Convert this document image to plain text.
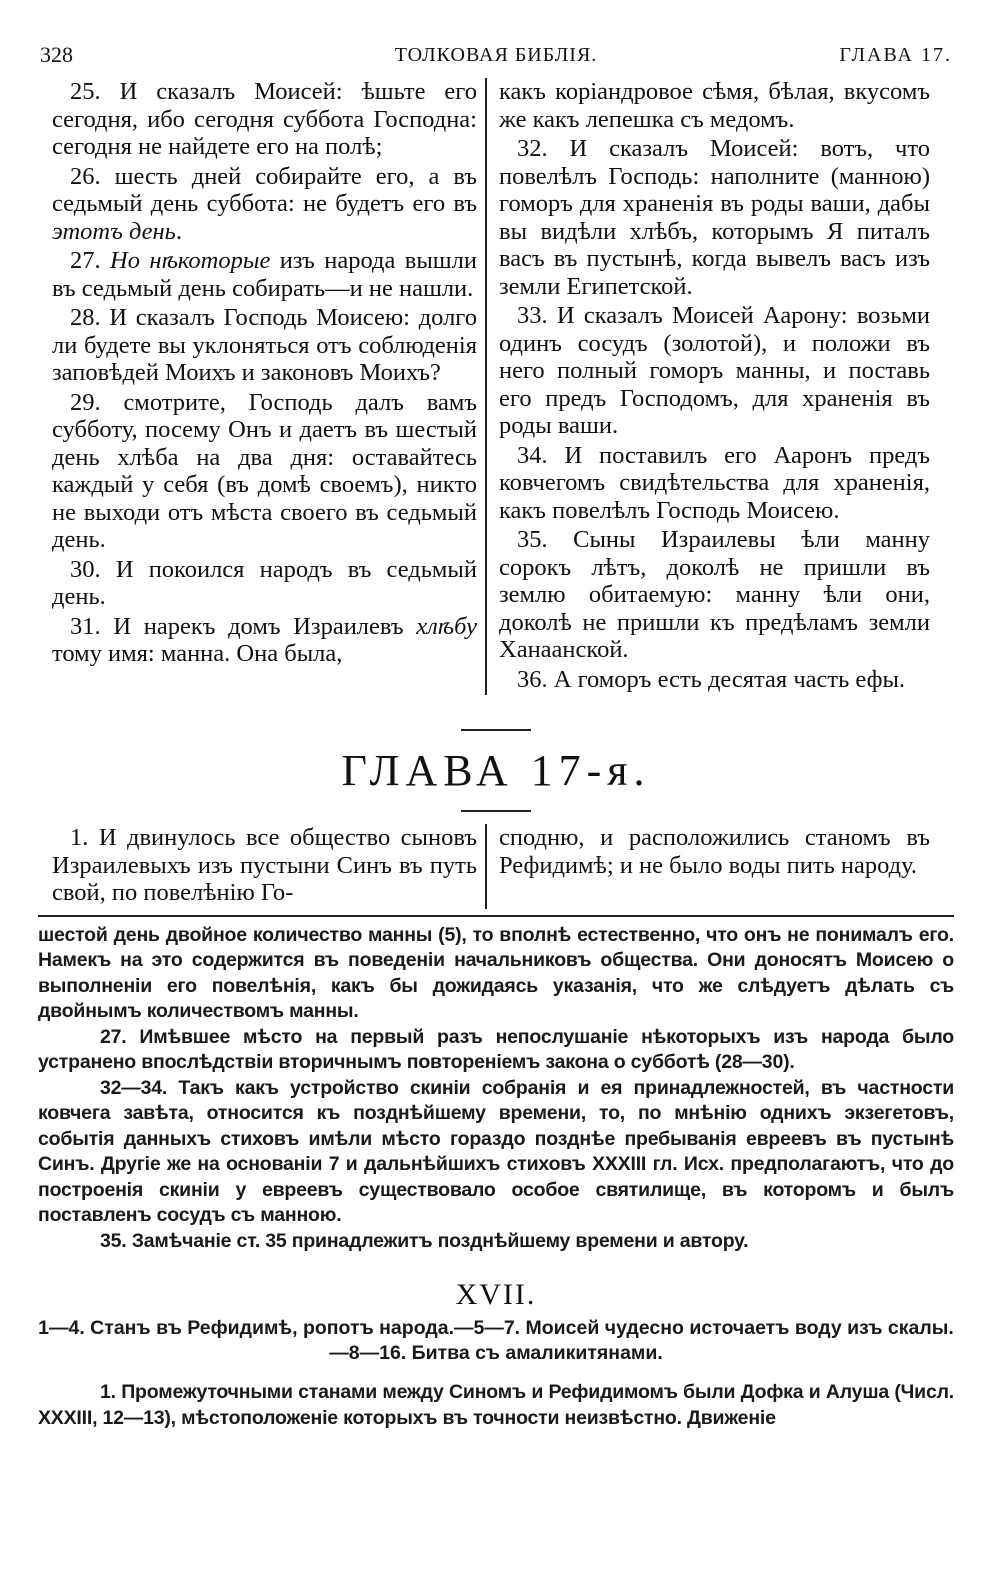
328	ТОЛКОВАЯ БИБЛІЯ.	ГЛАВА 17.

25. И сказалъ Моисей: ѣшьте его сегодня, ибо сегодня суббота Господна: сегодня не найдете его на полѣ;

26. шесть дней собирайте его, а въ седьмый день суббота: не будетъ его въ этотъ день.

27. Но нѣкоторые изъ народа вышли въ седьмый день собирать—и не нашли.

28. И сказалъ Господь Моисею: долго ли будете вы уклоняться отъ соблюденія заповѣдей Моихъ и законовъ Моихъ?

29. смотрите, Господь далъ вамъ субботу, посему Онъ и даетъ въ шестый день хлѣба на два дня: оставайтесь каждый у себя (въ домѣ своемъ), никто не выходи отъ мѣста своего въ седьмый день.

30. И покоился народъ въ седьмый день.

31. И нарекъ домъ Израилевъ хлѣбу тому имя: манна. Она была,

какъ коріандровое сѣмя, бѣлая, вкусомъ же какъ лепешка съ медомъ.

32. И сказалъ Моисей: вотъ, что повелѣлъ Господь: наполните (манною) гоморъ для храненія въ роды ваши, дабы вы видѣли хлѣбъ, которымъ Я питалъ васъ въ пустынѣ, когда вывелъ васъ изъ земли Египетской.

33. И сказалъ Моисей Аарону: возьми одинъ сосудъ (золотой), и положи въ него полный гоморъ манны, и поставь его предъ Господомъ, для храненія въ роды ваши.

34. И поставилъ его Ааронъ предъ ковчегомъ свидѣтельства для храненія, какъ повелѣлъ Господь Моисею.

35. Сыны Израилевы ѣли манну сорокъ лѣтъ, доколѣ не пришли въ землю обитаемую: манну ѣли они, доколѣ не пришли къ предѣламъ земли Ханаанской.

36. А гоморъ есть десятая часть ефы.

ГЛАВА 17-я.

1. И двинулось все общество сыновъ Израилевыхъ изъ пустыни Синъ въ путь свой, по повелѣнію Го-

сподню, и расположились станомъ въ Рефидимѣ; и не было воды пить народу.

шестой день двойное количество манны (5), то вполнѣ естественно, что онъ не понималъ его. Намекъ на это содержится въ поведеніи начальниковъ общества. Они доносятъ Моисею о выполненіи его повелѣнія, какъ бы дожидаясь указанія, что же слѣдуетъ дѣлать съ двойнымъ количествомъ манны.

27. Имѣвшее мѣсто на первый разъ непослушаніе нѣкоторыхъ изъ народа было устранено впослѣдствіи вторичнымъ повтореніемъ закона о субботѣ (28—30).

32—34. Такъ какъ устройство скиніи собранія и ея принадлежностей, въ частности ковчега завѣта, относится къ позднѣйшему времени, то, по мнѣнію однихъ экзегетовъ, событія данныхъ стиховъ имѣли мѣсто гораздо позднѣе пребыванія евреевъ въ пустынѣ Синъ. Другіе же на основаніи 7 и дальнѣйшихъ стиховъ XXXIII гл. Исх. предполагаютъ, что до построенія скиніи у евреевъ существовало особое святилище, въ которомъ и былъ поставленъ сосудъ съ манною.

35. Замѣчаніе ст. 35 принадлежитъ позднѣйшему времени и автору.

XVII.

1—4. Станъ въ Рефидимѣ, ропотъ народа.—5—7. Моисей чудесно источаетъ воду изъ скалы.—8—16. Битва съ амаликитянами.

1. Промежуточными станами между Синомъ и Рефидимомъ были Дофка и Алуша (Числ. XXXIII, 12—13), мѣстоположеніе которыхъ въ точности неизвѣстно. Движеніе
